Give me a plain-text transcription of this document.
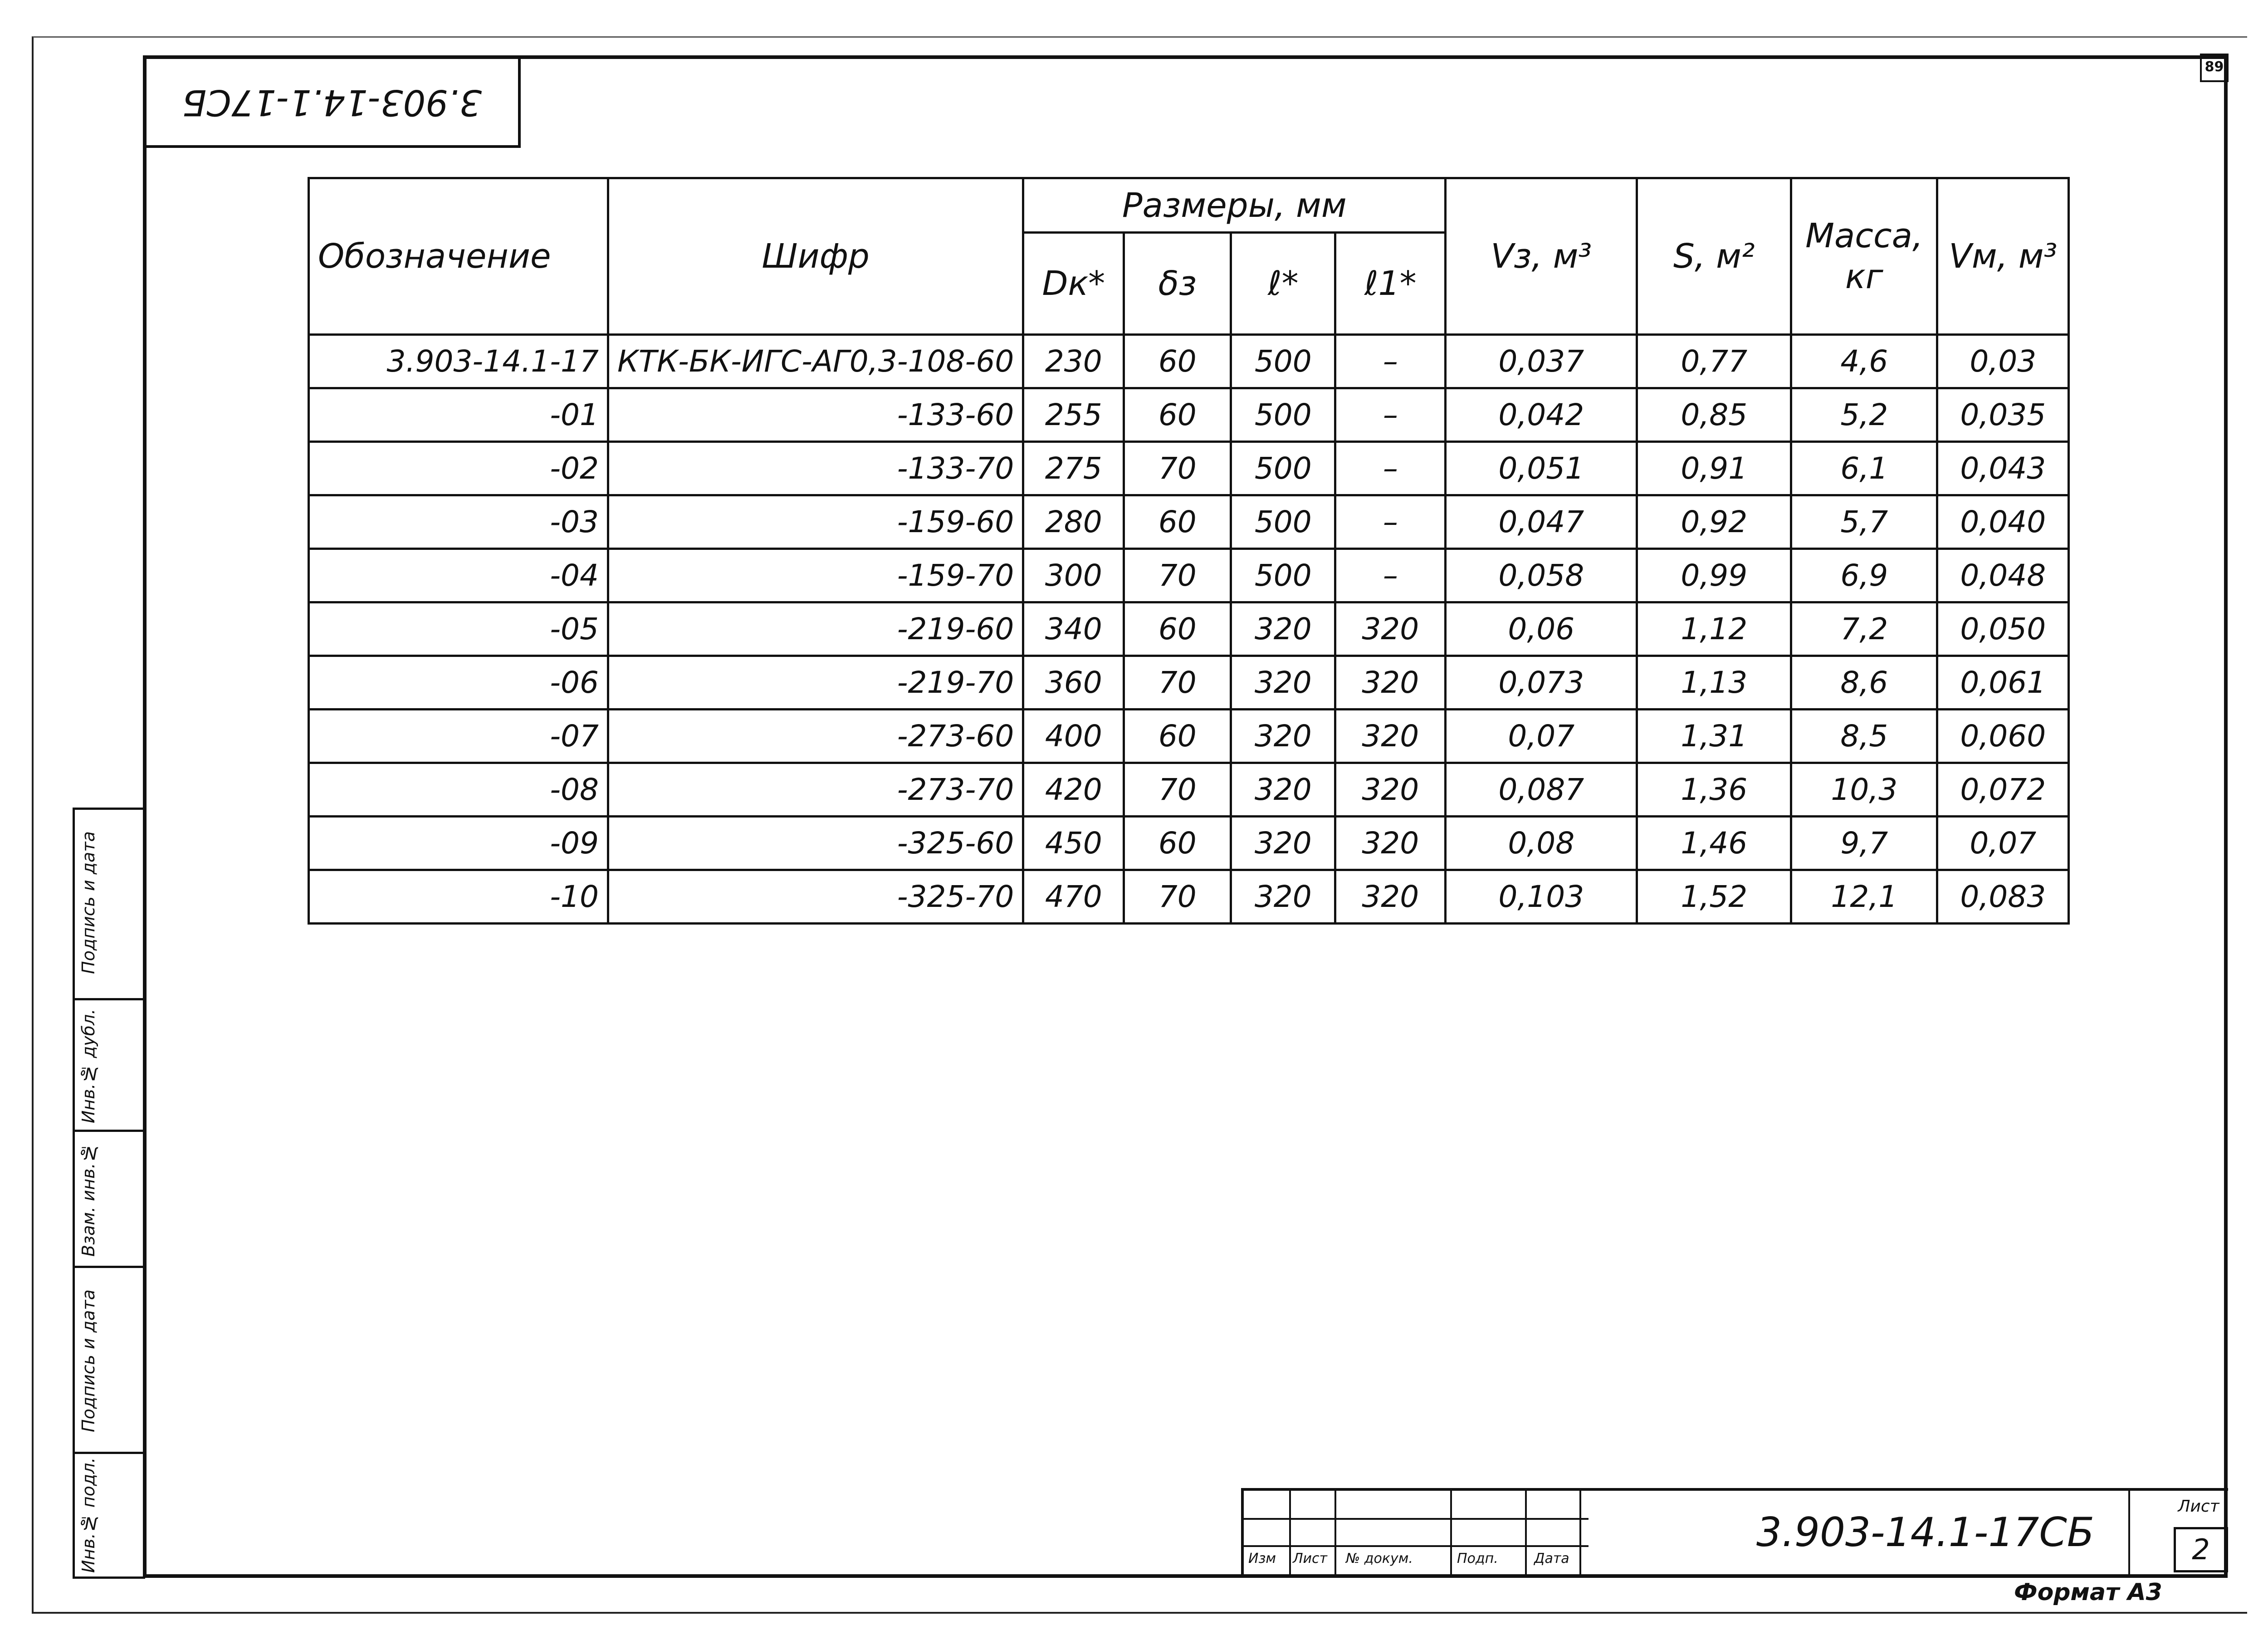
89
3.903-14.1-17СБ
Обозначение	Шифр	Размеры, мм				Vз, м³	S, м²	Масса, кг	Vм, м³
		Dк*	δз	ℓ*	ℓ1*				
3.903-14.1-17	КТК-БК-ИГС-АГ0,3-108-60	230	60	500	–	0,037	0,77	4,6	0,03
-01	-133-60	255	60	500	–	0,042	0,85	5,2	0,035
-02	-133-70	275	70	500	–	0,051	0,91	6,1	0,043
-03	-159-60	280	60	500	–	0,047	0,92	5,7	0,040
-04	-159-70	300	70	500	–	0,058	0,99	6,9	0,048
-05	-219-60	340	60	320	320	0,06	1,12	7,2	0,050
-06	-219-70	360	70	320	320	0,073	1,13	8,6	0,061
-07	-273-60	400	60	320	320	0,07	1,31	8,5	0,060
-08	-273-70	420	70	320	320	0,087	1,36	10,3	0,072
-09	-325-60	450	60	320	320	0,08	1,46	9,7	0,07
-10	-325-70	470	70	320	320	0,103	1,52	12,1	0,083
Подпись и дата
Инв.№ дубл.
Взам. инв.№
Подпись и дата
Инв.№ подл.	Изм Лист № докум.	Подп.	Дата
3.903-14.1-17СБ
Лист
2
Формат А3
